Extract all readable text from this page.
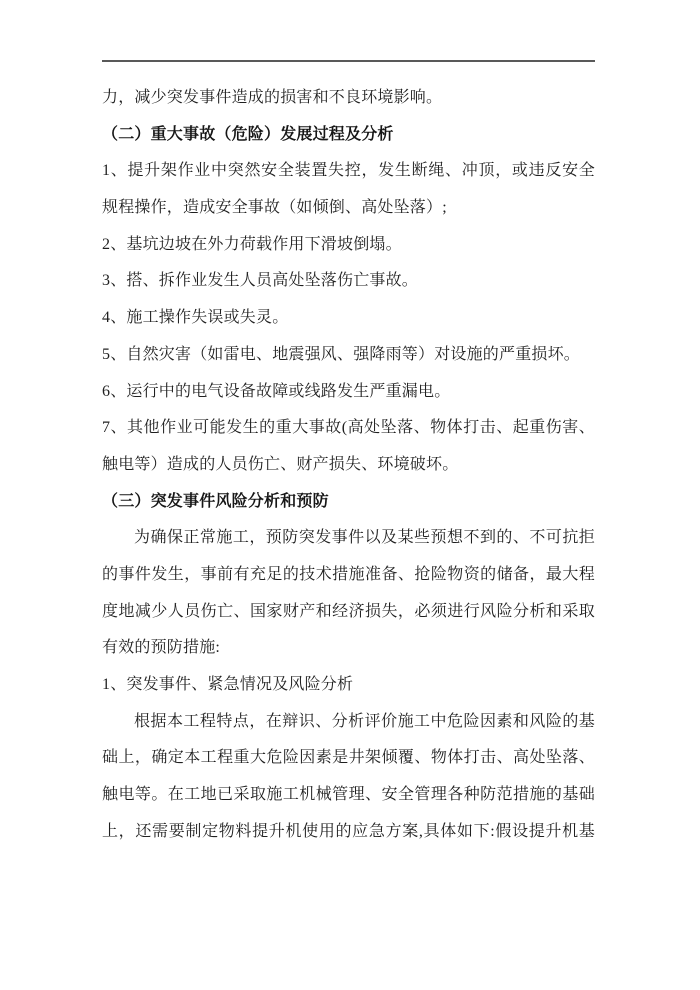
力，减少突发事件造成的损害和不良环境影响。
（二）重大事故（危险）发展过程及分析
1、提升架作业中突然安全装置失控，发生断绳、冲顶，或违反安全
规程操作，造成安全事故（如倾倒、高处坠落）;
2、基坑边坡在外力荷载作用下滑坡倒塌。
3、搭、拆作业发生人员高处坠落伤亡事故。
4、施工操作失误或失灵。
5、自然灾害（如雷电、地震强风、强降雨等）对设施的严重损坏。
6、运行中的电气设备故障或线路发生严重漏电。
7、其他作业可能发生的重大事故(高处坠落、物体打击、起重伤害、
触电等）造成的人员伤亡、财产损失、环境破坏。
（三）突发事件风险分析和预防
为确保正常施工，预防突发事件以及某些预想不到的、不可抗拒
的事件发生，事前有充足的技术措施准备、抢险物资的储备，最大程
度地减少人员伤亡、国家财产和经济损失，必须进行风险分析和采取
有效的预防措施:
1、突发事件、紧急情况及风险分析
根据本工程特点，在辩识、分析评价施工中危险因素和风险的基
础上，确定本工程重大危险因素是井架倾覆、物体打击、高处坠落、
触电等。在工地已采取施工机械管理、安全管理各种防范措施的基础
上，还需要制定物料提升机使用的应急方案,具体如下:假设提升机基
